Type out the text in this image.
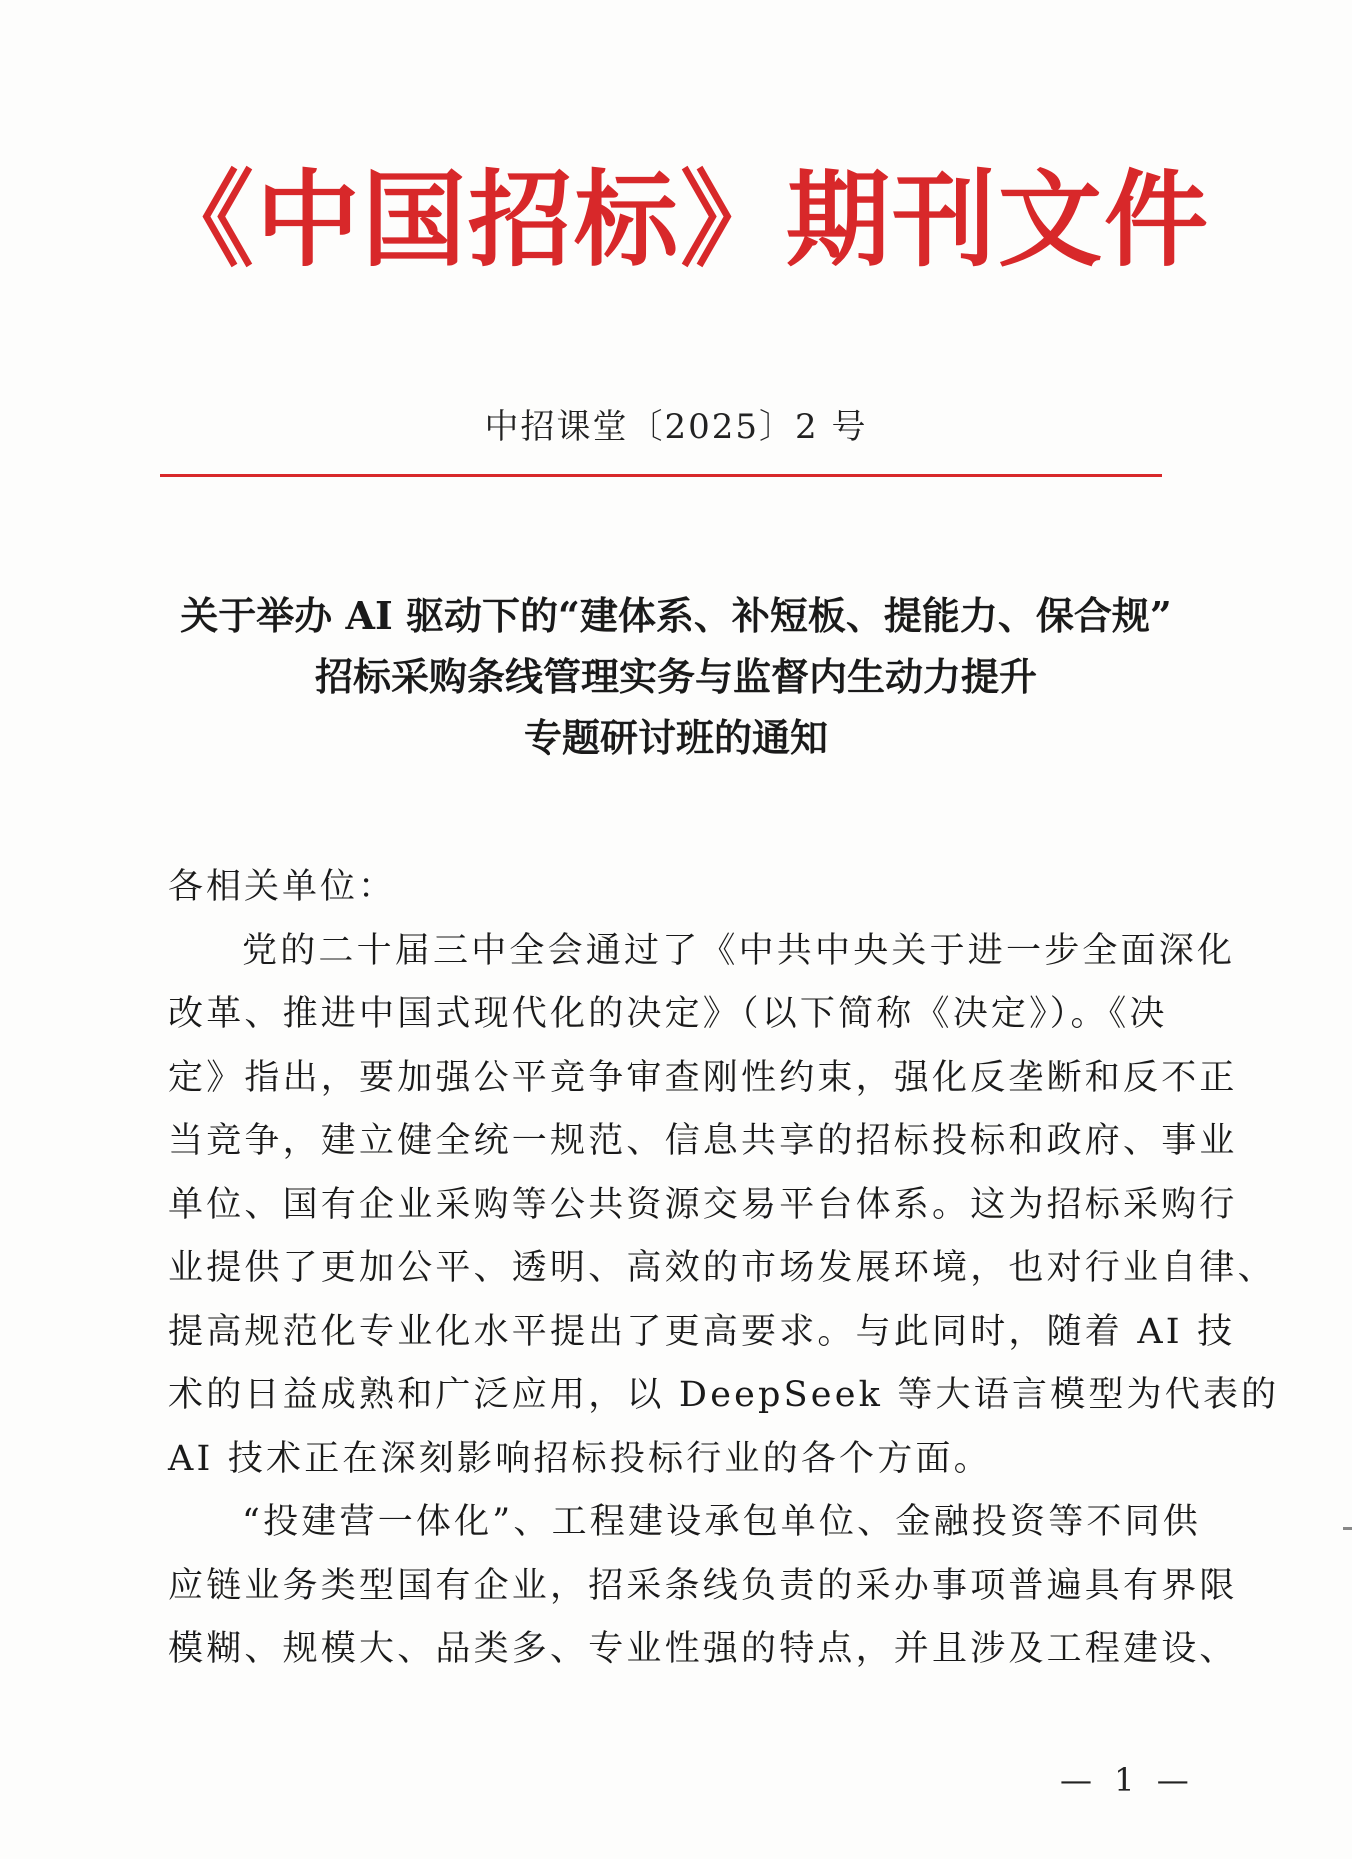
《中国招标》期刊文件
中招课堂〔2025〕2 号
关于举办 AI 驱动下的“建体系、补短板、提能力、保合规”
招标采购条线管理实务与监督内生动力提升
专题研讨班的通知
各相关单位：
党的二十届三中全会通过了《中共中央关于进一步全面深化
改革、推进中国式现代化的决定》（以下简称《决定》）。《决
定》指出，要加强公平竞争审查刚性约束，强化反垄断和反不正
当竞争，建立健全统一规范、信息共享的招标投标和政府、事业
单位、国有企业采购等公共资源交易平台体系。这为招标采购行
业提供了更加公平、透明、高效的市场发展环境，也对行业自律、
提高规范化专业化水平提出了更高要求。与此同时，随着 AI 技
术的日益成熟和广泛应用，以 DeepSeek 等大语言模型为代表的
AI 技术正在深刻影响招标投标行业的各个方面。
“投建营一体化”、工程建设承包单位、金融投资等不同供
应链业务类型国有企业，招采条线负责的采办事项普遍具有界限
模糊、规模大、品类多、专业性强的特点，并且涉及工程建设、
— 1 —
